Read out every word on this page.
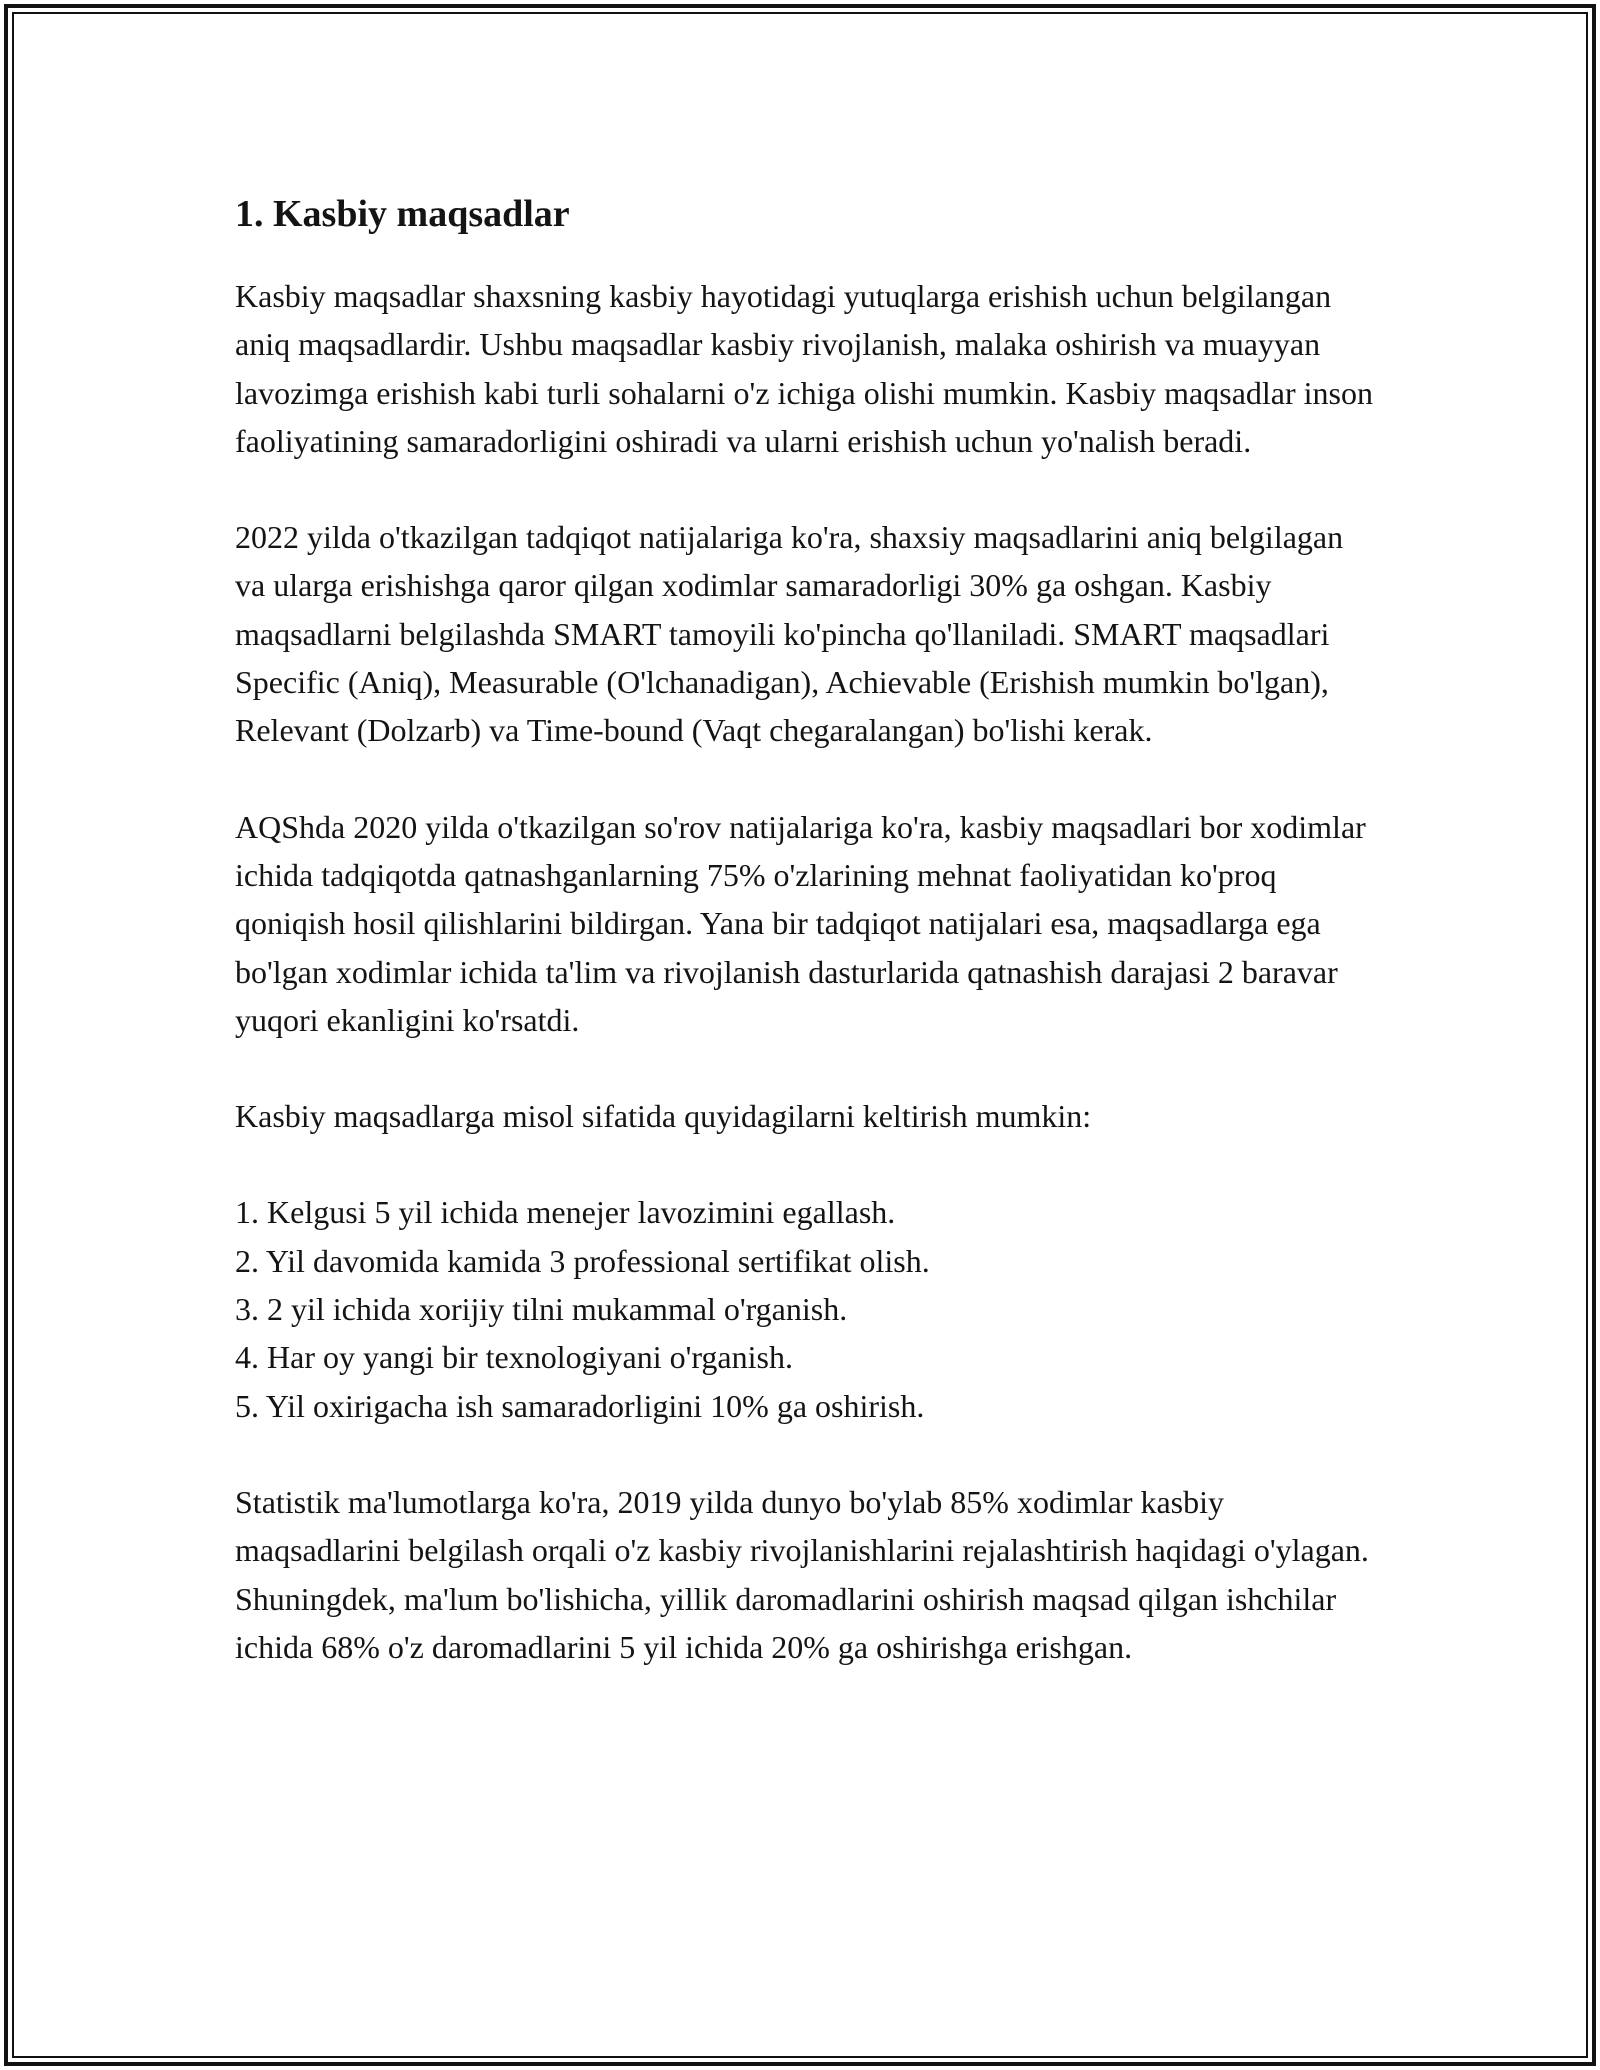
1. Kasbiy maqsadlar

Kasbiy maqsadlar shaxsning kasbiy hayotidagi yutuqlarga erishish uchun belgilangan aniq maqsadlardir. Ushbu maqsadlar kasbiy rivojlanish, malaka oshirish va muayyan lavozimga erishish kabi turli sohalarni o'z ichiga olishi mumkin. Kasbiy maqsadlar inson faoliyatining samaradorligini oshiradi va ularni erishish uchun yo'nalish beradi.

2022 yilda o'tkazilgan tadqiqot natijalariga ko'ra, shaxsiy maqsadlarini aniq belgilagan va ularga erishishga qaror qilgan xodimlar samaradorligi 30% ga oshgan. Kasbiy maqsadlarni belgilashda SMART tamoyili ko'pincha qo'llaniladi. SMART maqsadlari Specific (Aniq), Measurable (O'lchanadigan), Achievable (Erishish mumkin bo'lgan), Relevant (Dolzarb) va Time-bound (Vaqt chegaralangan) bo'lishi kerak.

AQShda 2020 yilda o'tkazilgan so'rov natijalariga ko'ra, kasbiy maqsadlari bor xodimlar ichida tadqiqotda qatnashganlarning 75% o'zlarining mehnat faoliyatidan ko'proq qoniqish hosil qilishlarini bildirgan. Yana bir tadqiqot natijalari esa, maqsadlarga ega bo'lgan xodimlar ichida ta'lim va rivojlanish dasturlarida qatnashish darajasi 2 baravar yuqori ekanligini ko'rsatdi.

Kasbiy maqsadlarga misol sifatida quyidagilarni keltirish mumkin:

1. Kelgusi 5 yil ichida menejer lavozimini egallash.
2. Yil davomida kamida 3 professional sertifikat olish.
3. 2 yil ichida xorijiy tilni mukammal o'rganish.
4. Har oy yangi bir texnologiyani o'rganish.
5. Yil oxirigacha ish samaradorligini 10% ga oshirish.

Statistik ma'lumotlarga ko'ra, 2019 yilda dunyo bo'ylab 85% xodimlar kasbiy maqsadlarini belgilash orqali o'z kasbiy rivojlanishlarini rejalashtirish haqidagi o'ylagan. Shuningdek, ma'lum bo'lishicha, yillik daromadlarini oshirish maqsad qilgan ishchilar ichida 68% o'z daromadlarini 5 yil ichida 20% ga oshirishga erishgan.
